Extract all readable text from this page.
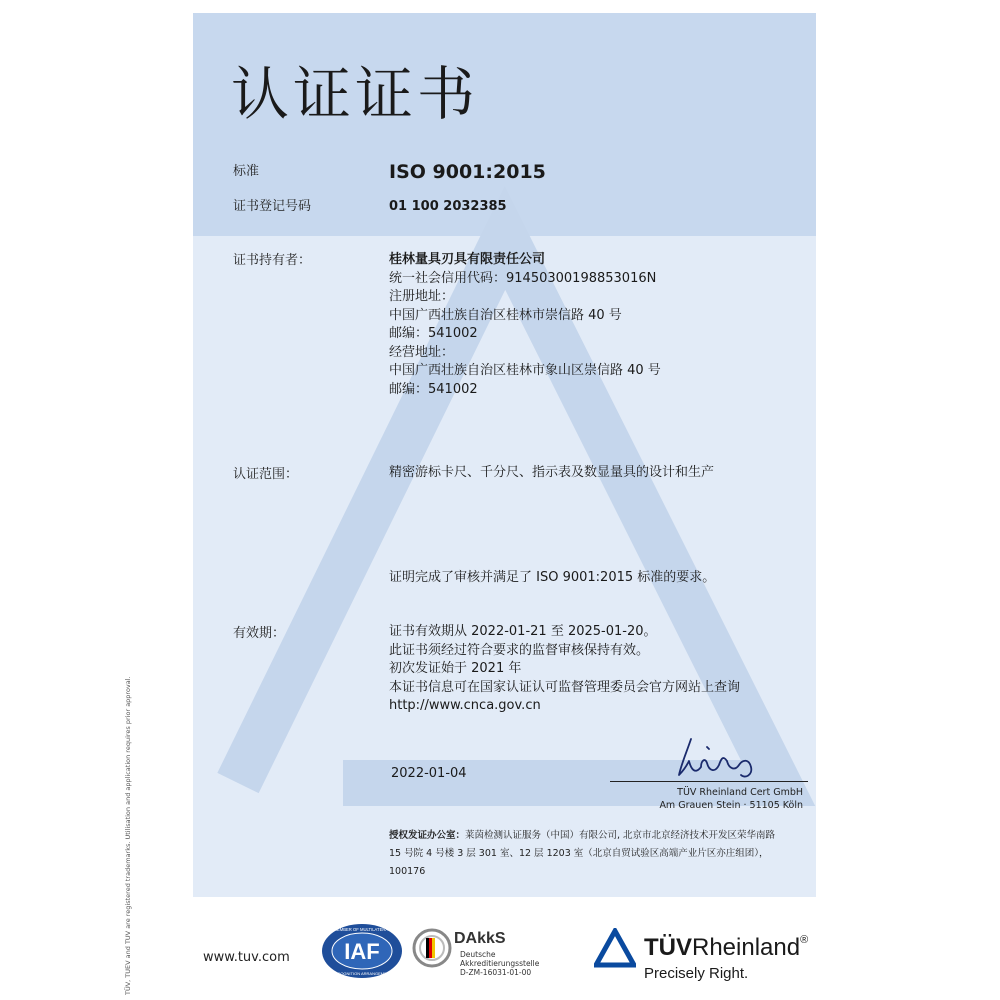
TÜV, TUEV and TUV are registered trademarks. Utilisation and application requires prior approval.
认证证书
标准	ISO 9001:2015
证书登记号码	01 100 2032385
证书持有者：	桂林量具刃具有限责任公司
统一社会信用代码：91450300198853016N
注册地址：
中国广西壮族自治区桂林市崇信路 40 号
邮编：541002
经营地址：
中国广西壮族自治区桂林市象山区崇信路 40 号
邮编：541002
认证范围：	精密游标卡尺、千分尺、指示表及数显量具的设计和生产
证明完成了审核并满足了 ISO 9001:2015 标准的要求。
有效期：	证书有效期从 2022-01-21 至 2025-01-20。
此证书须经过符合要求的监督审核保持有效。
初次发证始于 2021 年
本证书信息可在国家认证认可监督管理委员会官方网站上查询
http://www.cnca.gov.cn
2022-01-04
TÜV Rheinland Cert GmbH
Am Grauen Stein · 51105 Köln
授权发证办公室：莱茵检测认证服务（中国）有限公司, 北京市北京经济技术开发区荣华南路
15 号院 4 号楼 3 层 301 室、12 层 1203 室（北京自贸试验区高端产业片区亦庄组团），
100176
www.tuv.com IAF
MEMBER OF MULTILATERAL
RECOGNITION ARRANGEMENT
DAkkS
Deutsche
Akkreditierungsstelle
D-ZM-16031-01-00
TÜVRheinland®
Precisely Right.
